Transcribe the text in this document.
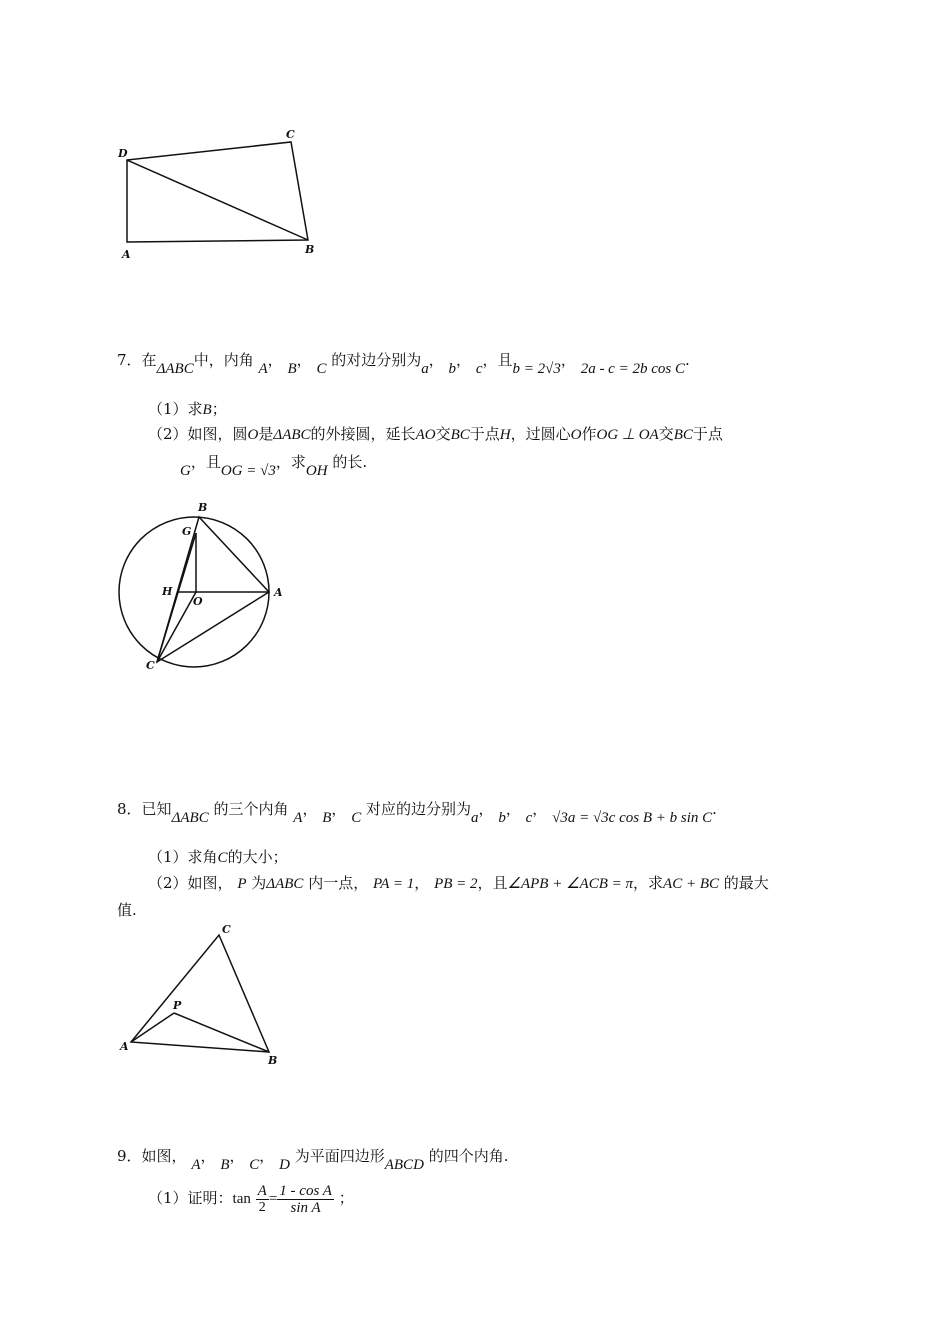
D
C
A	B
7．在ΔABC中，内角 A， B， C 的对边分别为a， b， c，且b = 2√3， 2a - c = 2b cos C.
（1）求B；
（2）如图，圆O是ΔABC的外接圆，延长AO交BC于点H，过圆心O作OG ⊥ OA交BC于点
G，且OG = √3，求OH 的长.
B
G
H
O
A
C
8．已知ΔABC 的三个内角 A， B， C 对应的边分别为a， b， c， √3a = √3c cos B + b sin C.
（1）求角C的大小；
（2）如图， P 为ΔABC 内一点， PA = 1， PB = 2，且∠APB + ∠ACB = π，求AC + BC 的最大
值.
C
P
A
B
9．如图， A， B， C， D 为平面四边形ABCD 的四个内角.
（1）证明：$\tan \frac{A}{2} = \frac{\text{1 - cos A}}{\text{sin A}}$ ；
